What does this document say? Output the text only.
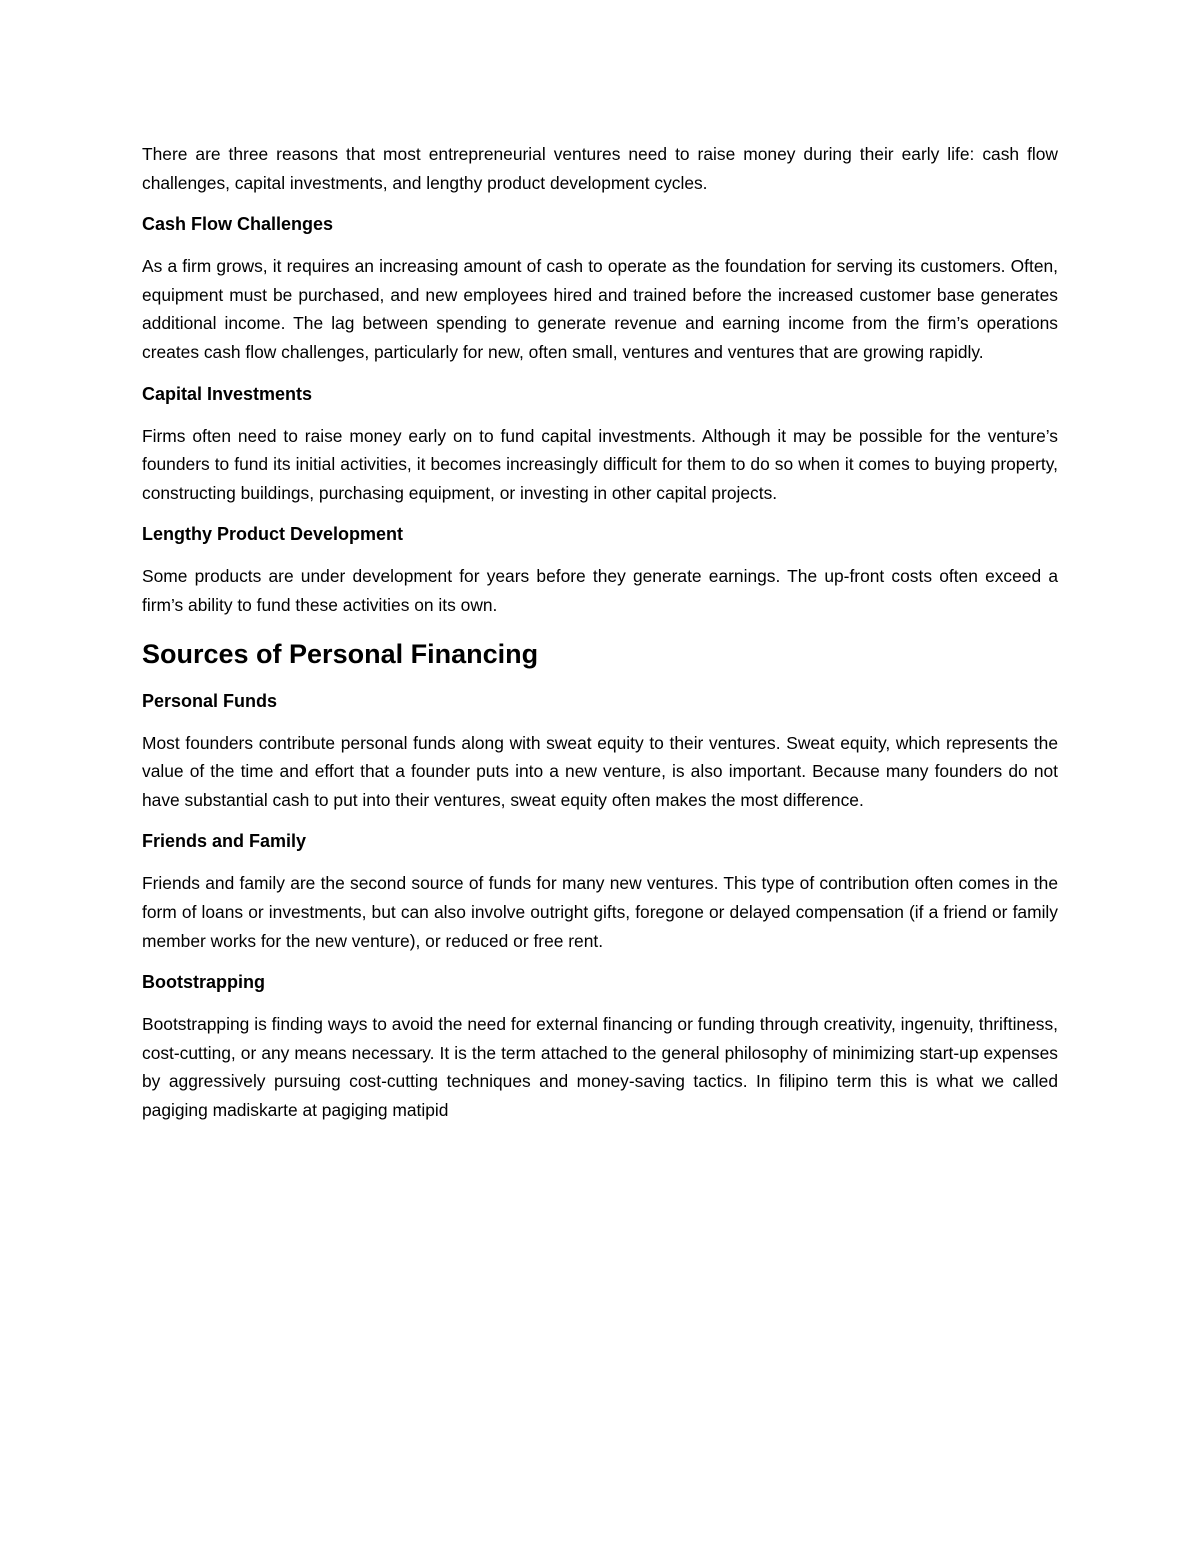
There are three reasons that most entrepreneurial ventures need to raise money during their early life: cash flow challenges, capital investments, and lengthy product development cycles.

Cash Flow Challenges

As a firm grows, it requires an increasing amount of cash to operate as the foundation for serving its customers. Often, equipment must be purchased, and new employees hired and trained before the increased customer base generates additional income. The lag between spending to generate revenue and earning income from the firm’s operations creates cash flow challenges, particularly for new, often small, ventures and ventures that are growing rapidly.

Capital Investments

Firms often need to raise money early on to fund capital investments. Although it may be possible for the venture’s founders to fund its initial activities, it becomes increasingly difficult for them to do so when it comes to buying property, constructing buildings, purchasing equipment, or investing in other capital projects.

Lengthy Product Development

Some products are under development for years before they generate earnings. The up-front costs often exceed a firm’s ability to fund these activities on its own.

Sources of Personal Financing
Personal Funds

Most founders contribute personal funds along with sweat equity to their ventures. Sweat equity, which represents the value of the time and effort that a founder puts into a new venture, is also important. Because many founders do not have substantial cash to put into their ventures, sweat equity often makes the most difference.

Friends and Family

Friends and family are the second source of funds for many new ventures. This type of contribution often comes in the form of loans or investments, but can also involve outright gifts, foregone or delayed compensation (if a friend or family member works for the new venture), or reduced or free rent.

Bootstrapping

Bootstrapping is finding ways to avoid the need for external financing or funding through creativity, ingenuity, thriftiness, cost-cutting, or any means necessary. It is the term attached to the general philosophy of minimizing start-up expenses by aggressively pursuing cost-cutting techniques and money-saving tactics. In filipino term this is what we called pagiging madiskarte at pagiging matipid
